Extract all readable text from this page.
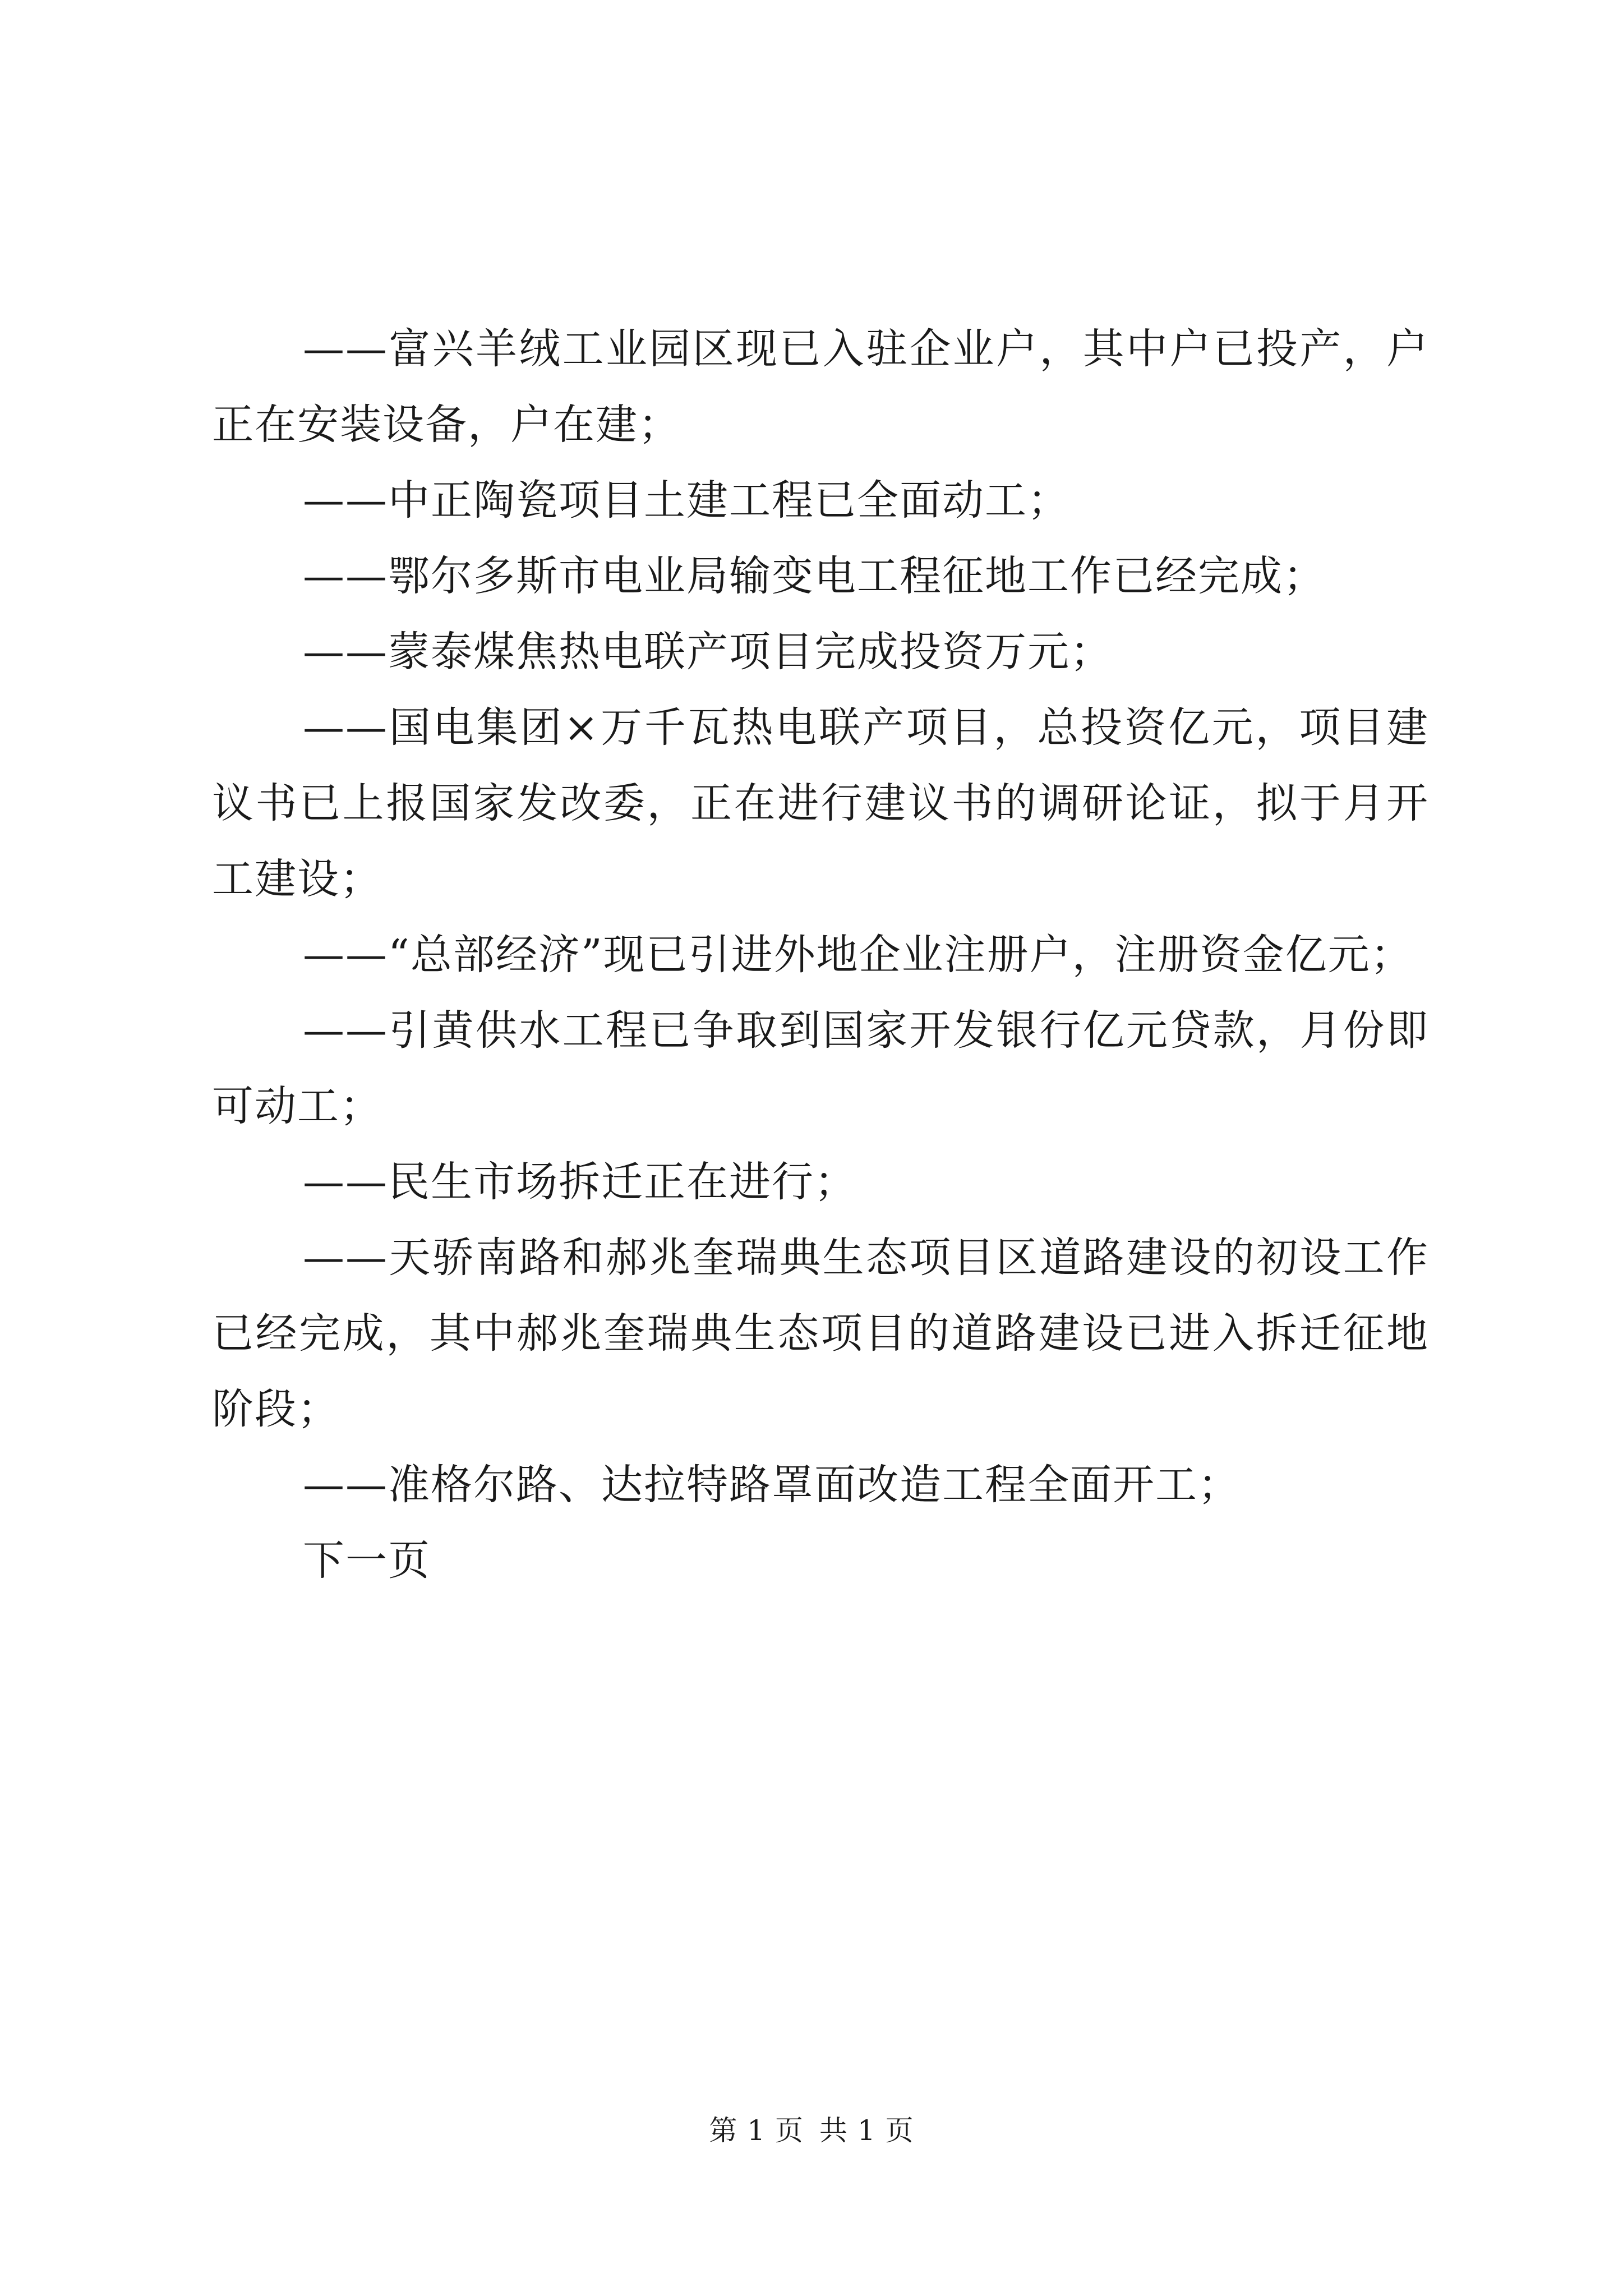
——富兴羊绒工业园区现已入驻企业户，其中户已投产，户正在安装设备，户在建；

——中正陶瓷项目土建工程已全面动工；

——鄂尔多斯市电业局输变电工程征地工作已经完成；

——蒙泰煤焦热电联产项目完成投资万元；

——国电集团×万千瓦热电联产项目，总投资亿元，项目建议书已上报国家发改委，正在进行建议书的调研论证，拟于月开工建设；

——“总部经济”现已引进外地企业注册户，注册资金亿元；

——引黄供水工程已争取到国家开发银行亿元贷款，月份即可动工；

——民生市场拆迁正在进行；

——天骄南路和郝兆奎瑞典生态项目区道路建设的初设工作已经完成，其中郝兆奎瑞典生态项目的道路建设已进入拆迁征地阶段；

——准格尔路、达拉特路罩面改造工程全面开工；

下一页

第 1 页 共 1 页
